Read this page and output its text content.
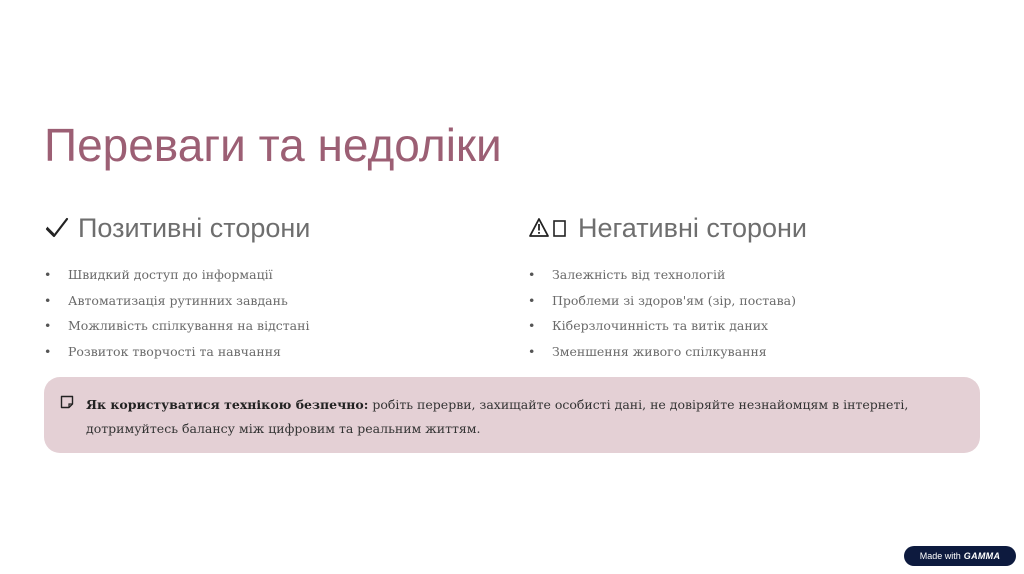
Переваги та недоліки
Позитивні сторони
• Швидкий доступ до інформації
• Автоматизація рутинних завдань
• Можливість спілкування на відстані
• Розвиток творчості та навчання
Негативні сторони
• Залежність від технологій
• Проблеми зі здоров'ям (зір, постава)
• Кіберзлочинність та витік даних
• Зменшення живого спілкування
Як користуватися технікою безпечно: робіть перерви, захищайте особисті дані, не довіряйте незнайомцям в інтернеті, дотримуйтесь балансу між цифровим та реальним життям.
Made with GAMMA
